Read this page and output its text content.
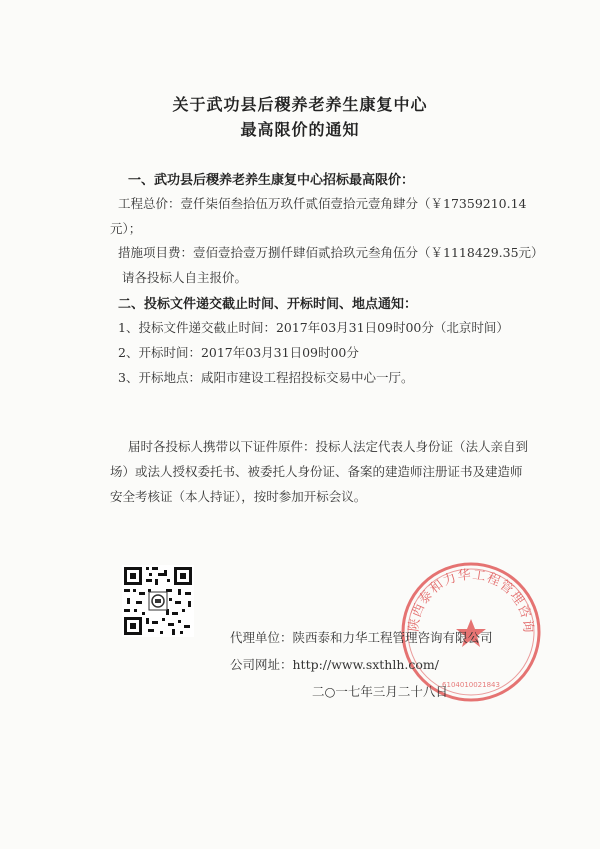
关于武功县后稷养老养生康复中心
最高限价的通知
一、武功县后稷养老养生康复中心招标最高限价：
工程总价：壹仟柒佰叁拾伍万玖仟贰佰壹拾元壹角肆分（￥17359210.14
元）；
措施项目费：壹佰壹拾壹万捌仟肆佰贰拾玖元叁角伍分（￥1118429.35元）
请各投标人自主报价。
二、投标文件递交截止时间、开标时间、地点通知：
1、投标文件递交截止时间：2017年03月31日09时00分（北京时间）
2、开标时间：2017年03月31日09时00分
3、开标地点：咸阳市建设工程招投标交易中心一厅。
届时各投标人携带以下证件原件：投标人法定代表人身份证（法人亲自到
场）或法人授权委托书、被委托人身份证、备案的建造师注册证书及建造师
安全考核证（本人持证），按时参加开标会议。
陕西泰和力华工程管理咨询
6104010021843
代理单位：陕西泰和力华工程管理咨询有限公司
公司网址：http://www.sxthlh.com/
二○一七年三月二十八日
